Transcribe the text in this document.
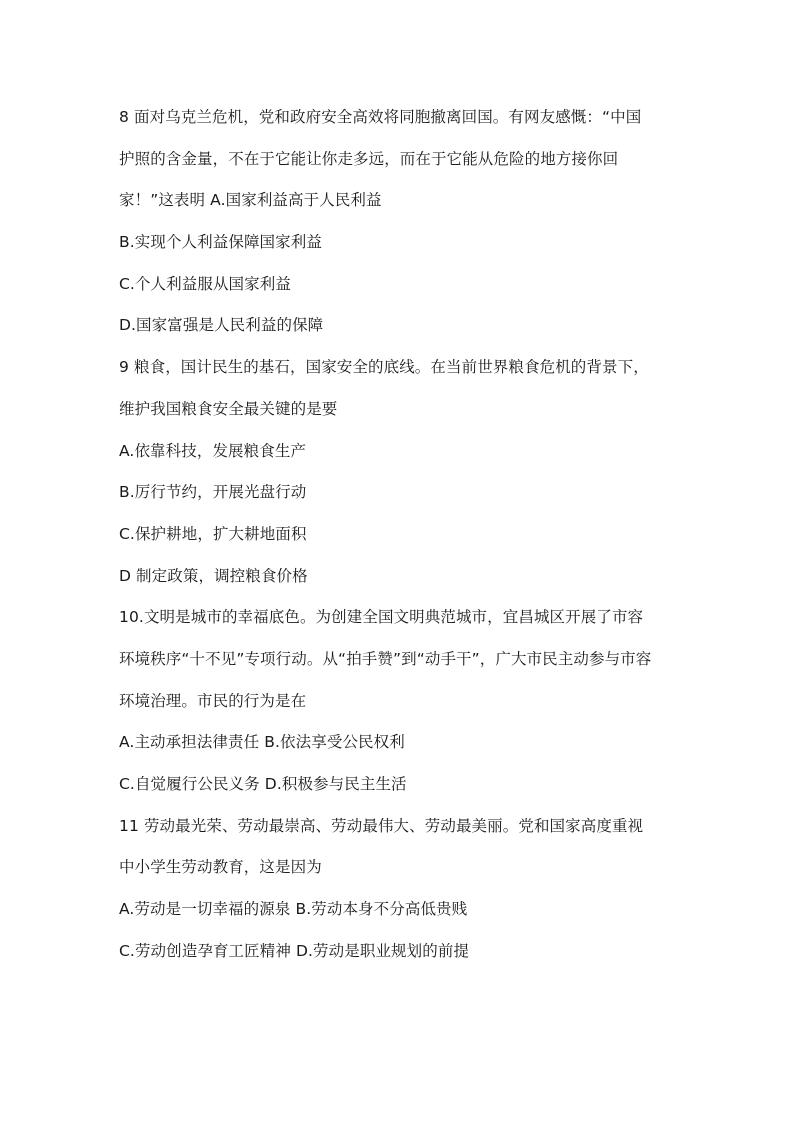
8 面对乌克兰危机，党和政府安全高效将同胞撤离回国。有网友感慨：“中国
护照的含金量，不在于它能让你走多远，而在于它能从危险的地方接你回
家！”这表明 A.国家利益高于人民利益
B.实现个人利益保障国家利益
C.个人利益服从国家利益
D.国家富强是人民利益的保障
9 粮食，国计民生的基石，国家安全的底线。在当前世界粮食危机的背景下，
维护我国粮食安全最关键的是要
A.依靠科技，发展粮食生产
B.厉行节约，开展光盘行动
C.保护耕地，扩大耕地面积
D 制定政策，调控粮食价格
10.文明是城市的幸福底色。为创建全国文明典范城市，宜昌城区开展了市容
环境秩序“十不见”专项行动。从“拍手赞”到“动手干”，广大市民主动参与市容
环境治理。市民的行为是在
A.主动承担法律责任 B.依法享受公民权利
C.自觉履行公民义务 D.积极参与民主生活
11 劳动最光荣、劳动最崇高、劳动最伟大、劳动最美丽。党和国家高度重视
中小学生劳动教育，这是因为
A.劳动是一切幸福的源泉 B.劳动本身不分高低贵贱
C.劳动创造孕育工匠精神 D.劳动是职业规划的前提
